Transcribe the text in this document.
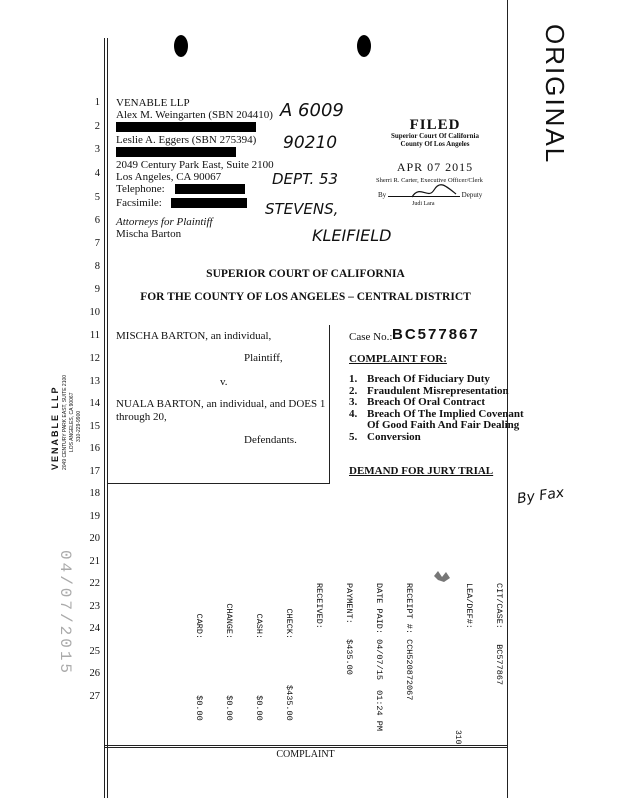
ORIGINAL
1
2
3
4
5
6
7
8
9
10
11
12
13
14
15
16
17
18
19
20
21
22
23
24
25
26
27
VENABLE LLP
Alex M. Weingarten (SBN 204410)
Leslie A. Eggers (SBN 275394)
2049 Century Park East, Suite 2100
Los Angeles, CA 90067
Telephone:
Facsimile:
Attorneys for Plaintiff
Mischa Barton
A 6009
90210
DEPT. 53
STEVENS,
KLEIFIELD
By Fax
FILED
Superior Court Of California
County Of Los Angeles
APR 07 2015
Sherri R. Carter, Executive Officer/Clerk
By	Deputy
Judi Lara
SUPERIOR COURT OF CALIFORNIA
FOR THE COUNTY OF LOS ANGELES – CENTRAL DISTRICT
MISCHA BARTON, an individual,
Plaintiff,
v.
NUALA BARTON, an individual, and DOES 1
through 20,
Defendants.
Case No.: BC577867
COMPLAINT FOR:
1. Breach Of Fiduciary Duty
2. Fraudulent Misrepresentation
3. Breach Of Oral Contract
4. Breach Of The Implied Covenant
Of Good Faith And Fair Dealing
5. Conversion
DEMAND FOR JURY TRIAL
VENABLE LLP 2049 CENTURY PARK EAST, SUITE 2100 LOS ANGELES, CA 90067 310-229-9900
04/07/2015

	CIT/CASE:   BC577867

LEA/DEF#:

RECEIPT #: CCH520872067

DATE PAID: 04/07/15  01:24 PM

PAYMENT:   $435.00

RECEIVED:

CHECK:         $435.00

CASH:           $0.00

CHANGE:           $0.00

CARD:           $0.00

310
COMPLAINT
